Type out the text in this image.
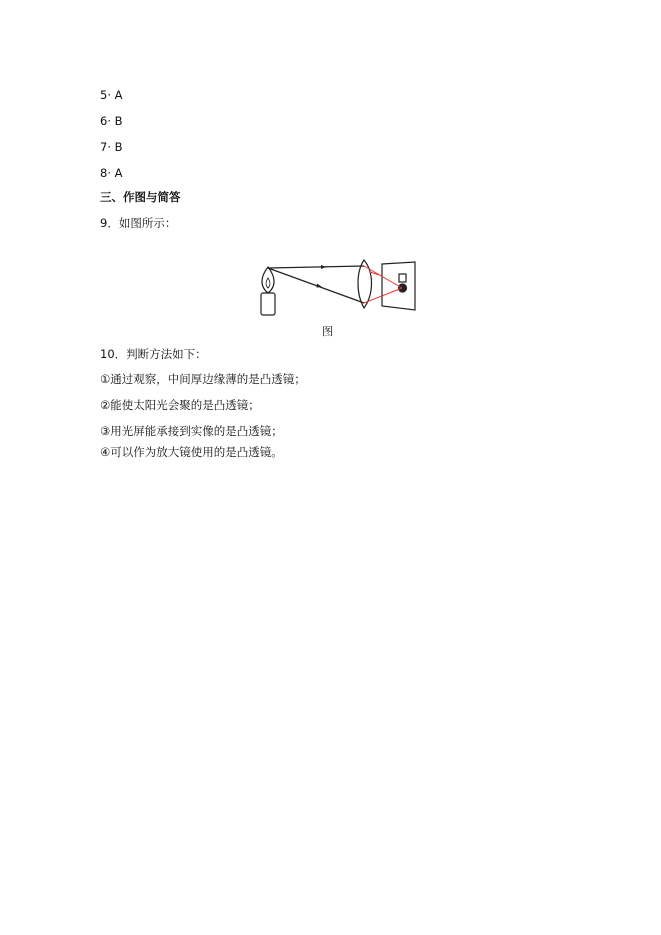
5· A
6· B
7· B
8· A
三、作图与简答
9．如图所示：
图
10．判断方法如下：
①通过观察，中间厚边缘薄的是凸透镜；
②能使太阳光会聚的是凸透镜；
③用光屏能承接到实像的是凸透镜；
④可以作为放大镜使用的是凸透镜。
